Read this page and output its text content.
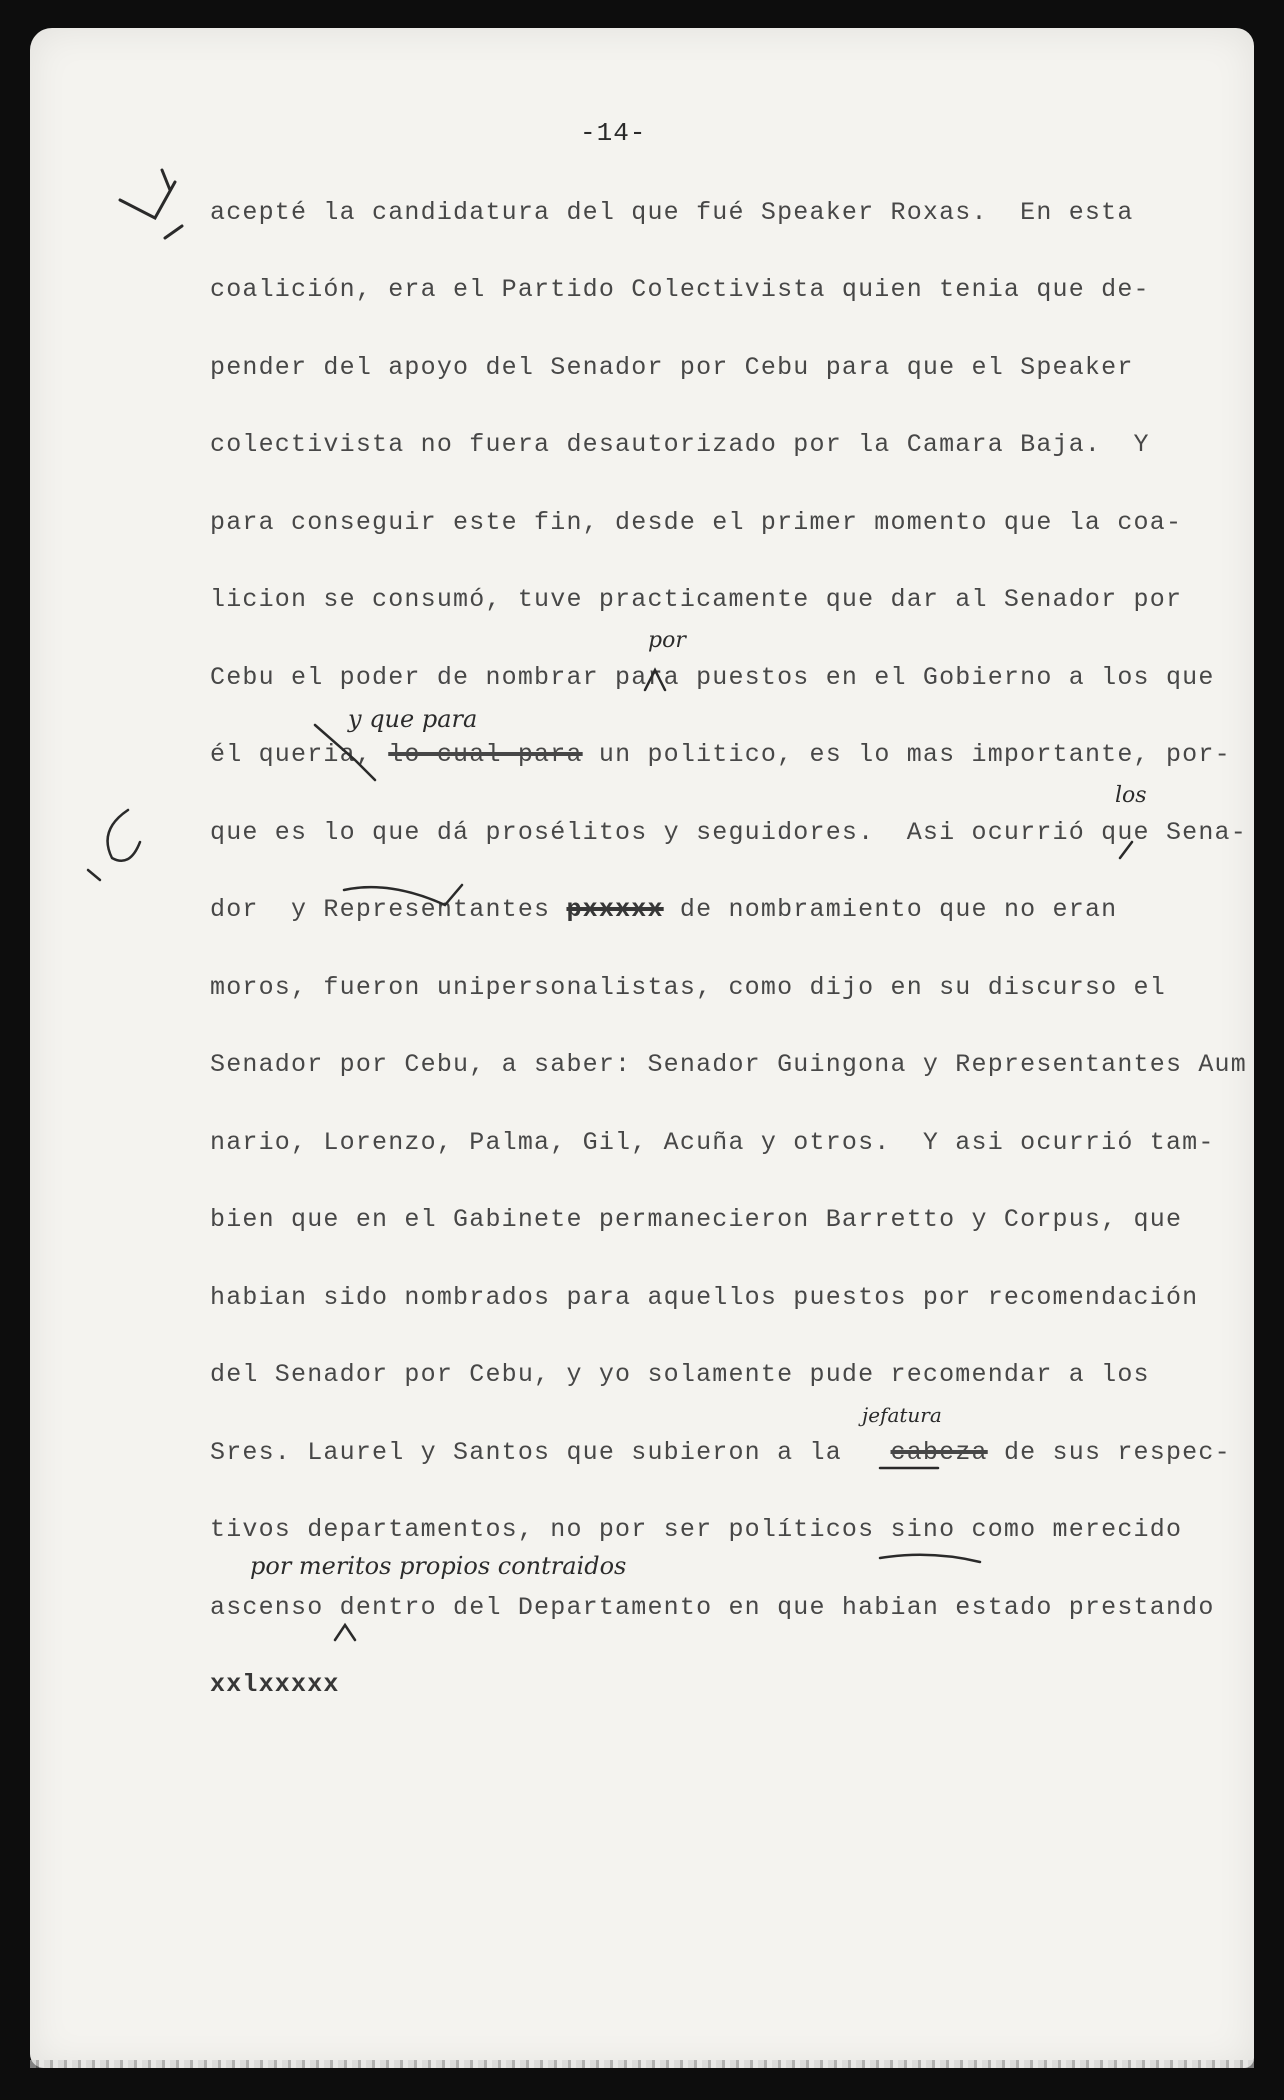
-14-
acepté la candidatura del que fué Speaker Roxas.  En esta
coalición, era el Partido Colectivista quien tenia que de-
pender del apoyo del Senador por Cebu para que el Speaker
colectivista no fuera desautorizado por la Camara Baja.  Y
para conseguir este fin, desde el primer momento que la coa-
licion se consumó, tuve practicamente que dar al Senador por
Cebu el poder de nombrar para puestos en el Gobierno a los que
él queria, lo cual para un politico, es lo mas importante, por-
que es lo que dá prosélitos y seguidores.  Asi ocurrió que Sena-
dor y Representantes pxxxxx de nombramiento que no eran
moros, fueron unipersonalistas, como dijo en su discurso el
Senador por Cebu, a saber: Senador Guingona y Representantes Aum
nario, Lorenzo, Palma, Gil, Acuña y otros.  Y asi ocurrió tam-
bien que en el Gabinete permanecieron Barretto y Corpus, que
habian sido nombrados para aquellos puestos por recomendación
del Senador por Cebu, y yo solamente pude recomendar a los
Sres. Laurel y Santos que subieron a la cabeza de sus respec-
tivos departamentos, no por ser políticos sino como merecido
ascenso dentro del Departamento en que habian estado prestando
xxlxxxxx
por
y que para
los
jefatura
por meritos propios contraidos
